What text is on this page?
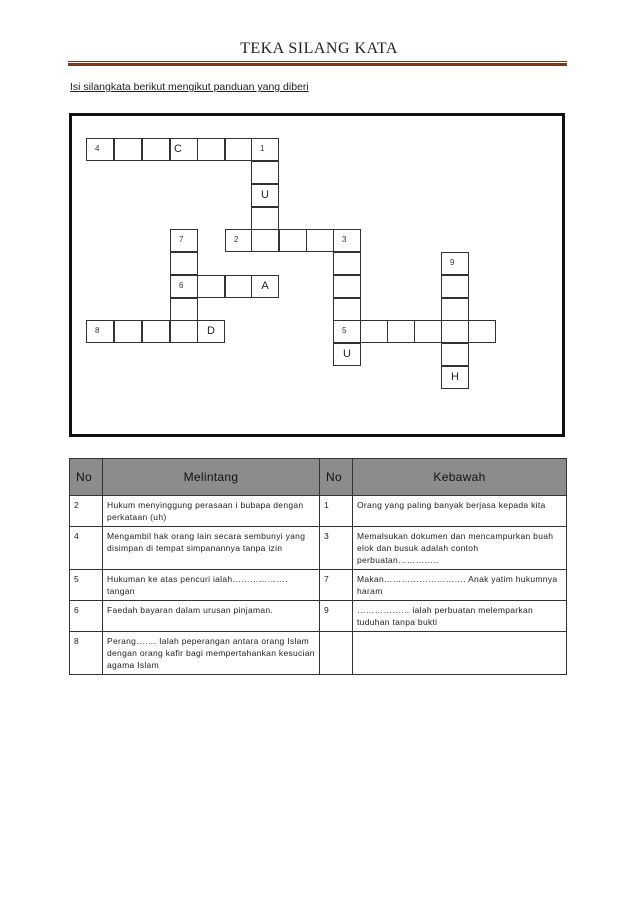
TEKA SILANG KATA
Isi silangkata berikut mengikut panduan yang diberi
4	C	1
U
7	2	3
9
6	A
8	D	5
U
H
No	Melintang	No	Kebawah
2	Hukum menyinggung perasaan i bubapa dengan perkataan (uh)	1	Orang yang paling banyak berjasa kepada kita
4	Mengambil hak orang lain secara sembunyi yang disimpan di tempat simpanannya tanpa izin	3	Memalsukan dokumen dan mencampurkan buah elok dan busuk adalah contoh perbuatan…………..
5	Hukuman ke atas pencuri ialah………………. tangan	7	Makan………………………. Anak yatim hukumnya haram
6	Faedah bayaran dalam urusan pinjaman.	9	……………… ialah perbuatan melemparkan tuduhan tanpa bukti
8	Perang……. Ialah peperangan antara orang Islam dengan orang kafir bagi mempertahankan kesucian agama Islam		
